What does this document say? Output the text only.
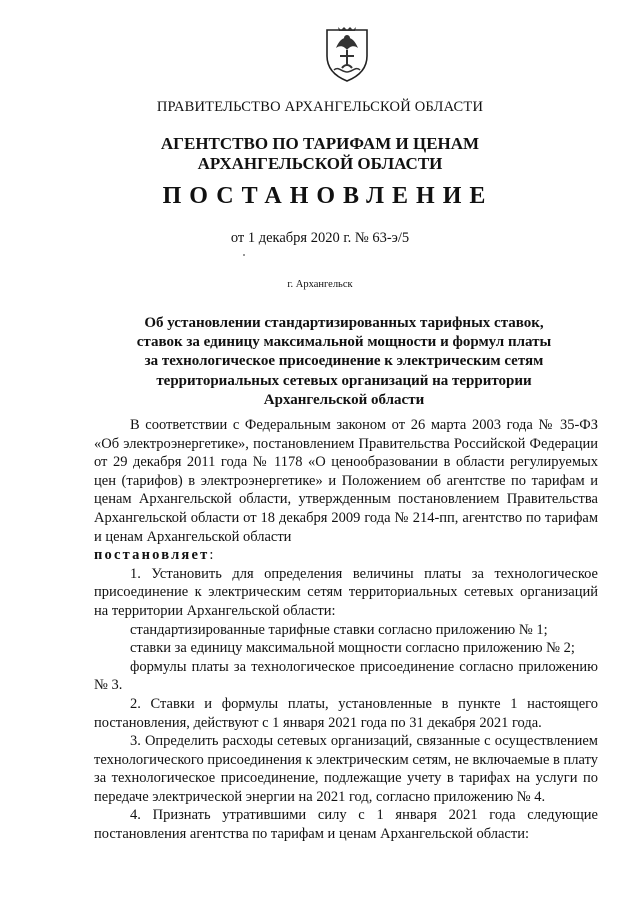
ПРАВИТЕЛЬСТВО АРХАНГЕЛЬСКОЙ ОБЛАСТИ
АГЕНТСТВО ПО ТАРИФАМ И ЦЕНАМ
АРХАНГЕЛЬСКОЙ ОБЛАСТИ
ПОСТАНОВЛЕНИЕ
от 1 декабря 2020 г. № 63-э/5
г. Архангельск
Об установлении стандартизированных тарифных ставок,
ставок за единицу максимальной мощности и формул платы
за технологическое присоединение к электрическим сетям
территориальных сетевых организаций на территории
Архангельской области

В соответствии с Федеральным законом от 26 марта 2003 года № 35-ФЗ «Об электроэнергетике», постановлением Правительства Российской Федерации от 29 декабря 2011 года № 1178 «О ценообразовании в области регулируемых цен (тарифов) в электроэнергетике» и Положением об агентстве по тарифам и ценам Архангельской области, утвержденным постановлением Правительства Архангельской области от 18 декабря 2009 года № 214-пп, агентство по тарифам и ценам Архангельской области

постановляет:

1. Установить для определения величины платы за технологическое присоединение к электрическим сетям территориальных сетевых организаций на территории Архангельской области:

стандартизированные тарифные ставки согласно приложению № 1;

ставки за единицу максимальной мощности согласно приложению № 2;

формулы платы за технологическое присоединение согласно приложению № 3.

2. Ставки и формулы платы, установленные в пункте 1 настоящего постановления, действуют с 1 января 2021 года по 31 декабря 2021 года.

3. Определить расходы сетевых организаций, связанные с осуществлением технологического присоединения к электрическим сетям, не включаемые в плату за технологическое присоединение, подлежащие учету в тарифах на услуги по передаче электрической энергии на 2021 год, согласно приложению № 4.

4. Признать утратившими силу с 1 января 2021 года следующие постановления агентства по тарифам и ценам Архангельской области:
